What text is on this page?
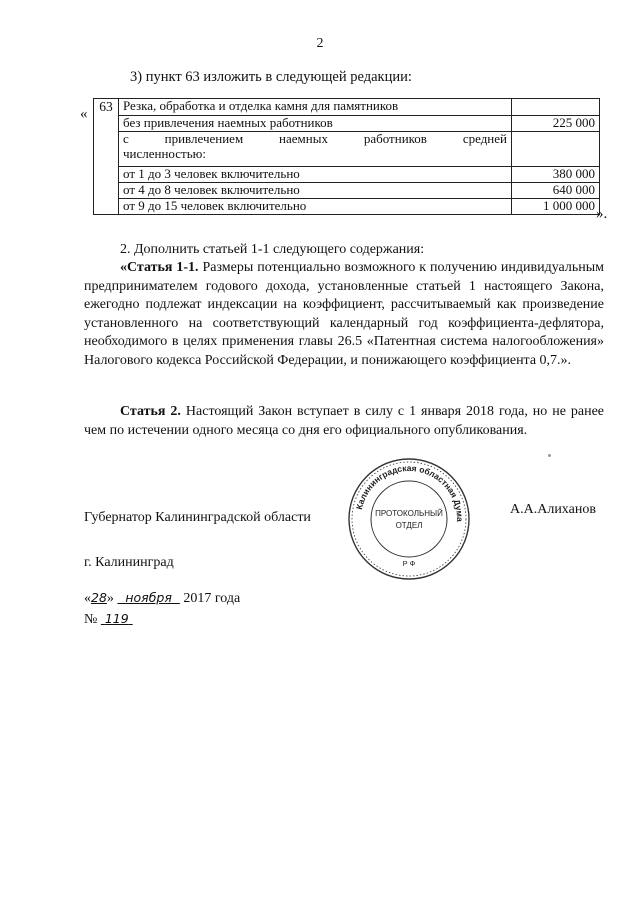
2
3) пункт 63 изложить в следующей редакции:
« 63	Резка, обработка и отделка камня для памятников	
	без привлечения наемных работников	225 000

	с привлечением наемных работников средней
численностью:	
	от 1 до 3 человек включительно	380 000
	от 4 до 8 человек включительно	640 000
	от 9 до 15 человек включительно	1 000 000
».
2. Дополнить статьей 1-1 следующего содержания:
«Статья 1-1. Размеры потенциально возможного к получению индивидуальным предпринимателем годового дохода, установленные статьей 1 настоящего Закона, ежегодно подлежат индексации на коэффициент, рассчитываемый как произведение установленного на соответствующий календарный год коэффициента-дефлятора, необходимого в целях применения главы 26.5 «Патентная система налогообложения» Налогового кодекса Российской Федерации, и понижающего коэффициента 0,7.».
Статья 2. Настоящий Закон вступает в силу с 1 января 2018 года, но не ранее чем по истечении одного месяца со дня его официального опубликования.
Губернатор Калининградской области
Калининградская областная Дума
ПРОТОКОЛЬНЫЙ
ОТДЕЛ
Р Ф
А.А.Алиханов
г. Калининград
«28» ноября 2017 года
№ 119
